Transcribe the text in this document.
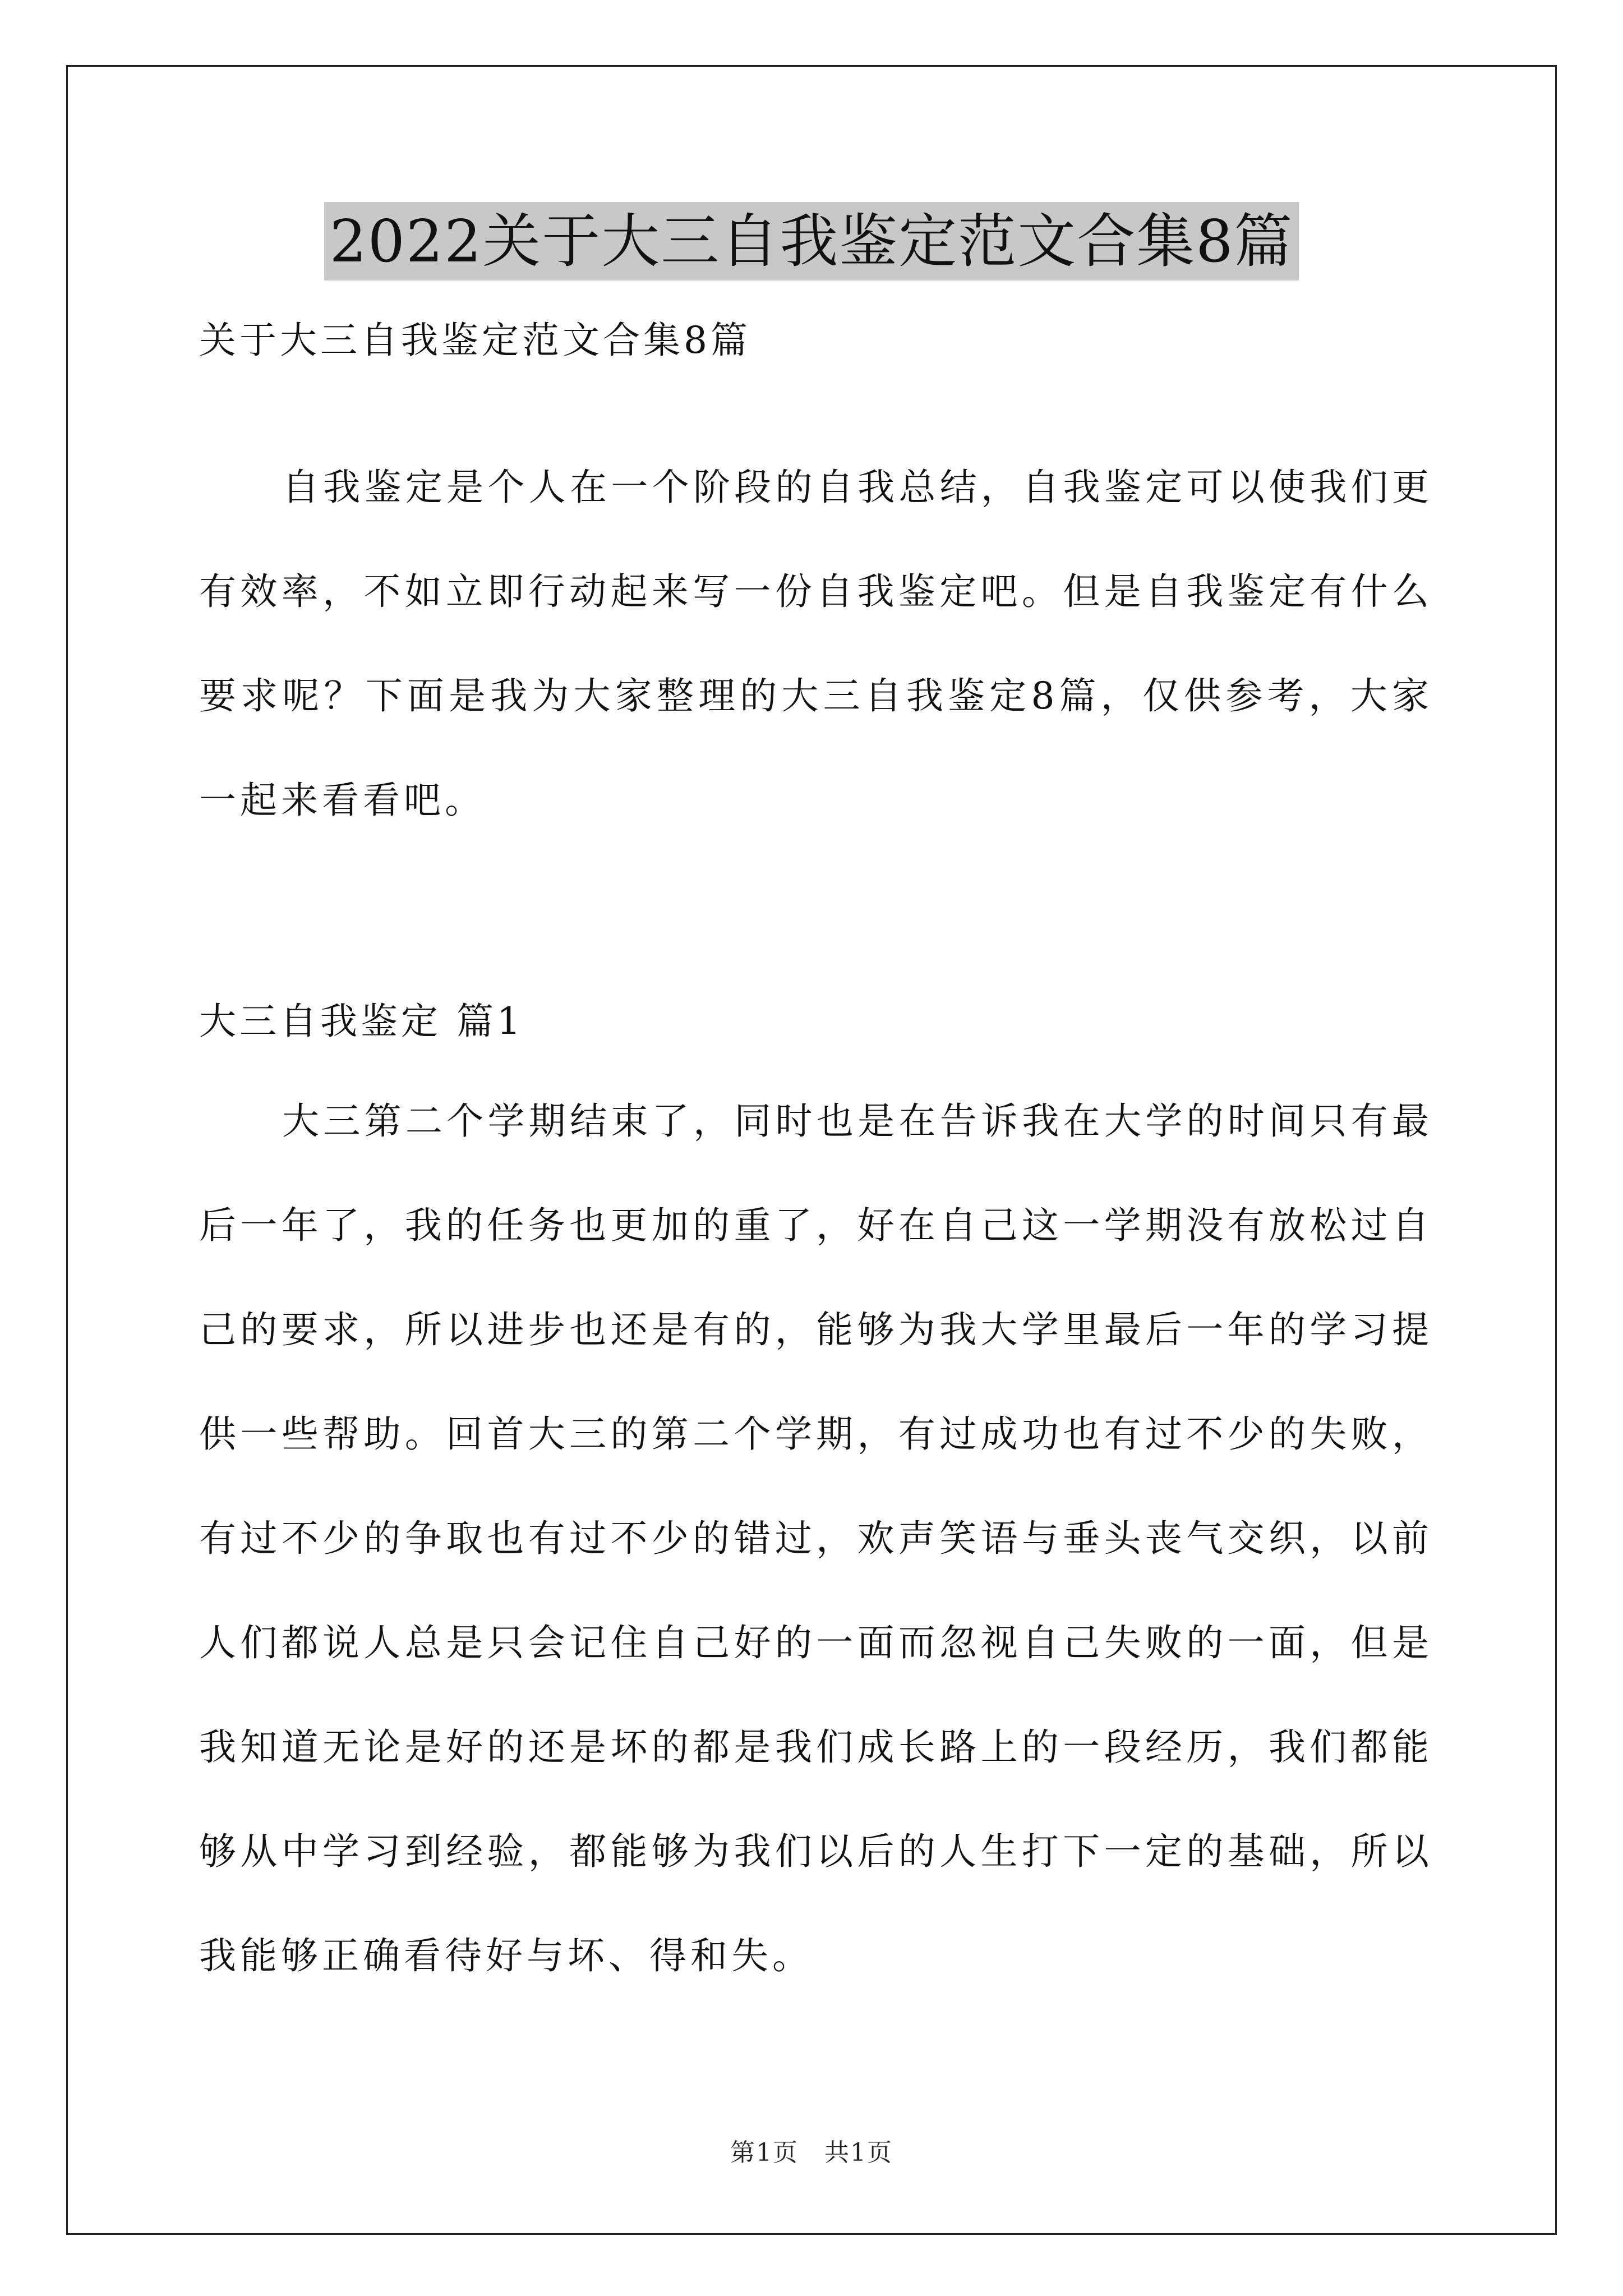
2022关于大三自我鉴定范文合集8篇
关于大三自我鉴定范文合集8篇

自我鉴定是个人在一个阶段的自我总结，自我鉴定可以使我们更有效率，不如立即行动起来写一份自我鉴定吧。但是自我鉴定有什么要求呢？下面是我为大家整理的大三自我鉴定8篇，仅供参考，大家一起来看看吧。

大三自我鉴定 篇1

大三第二个学期结束了，同时也是在告诉我在大学的时间只有最后一年了，我的任务也更加的重了，好在自己这一学期没有放松过自己的要求，所以进步也还是有的，能够为我大学里最后一年的学习提供一些帮助。回首大三的第二个学期，有过成功也有过不少的失败，有过不少的争取也有过不少的错过，欢声笑语与垂头丧气交织，以前人们都说人总是只会记住自己好的一面而忽视自己失败的一面，但是我知道无论是好的还是坏的都是我们成长路上的一段经历，我们都能够从中学习到经验，都能够为我们以后的人生打下一定的基础，所以我能够正确看待好与坏、得和失。

第1页　共1页
